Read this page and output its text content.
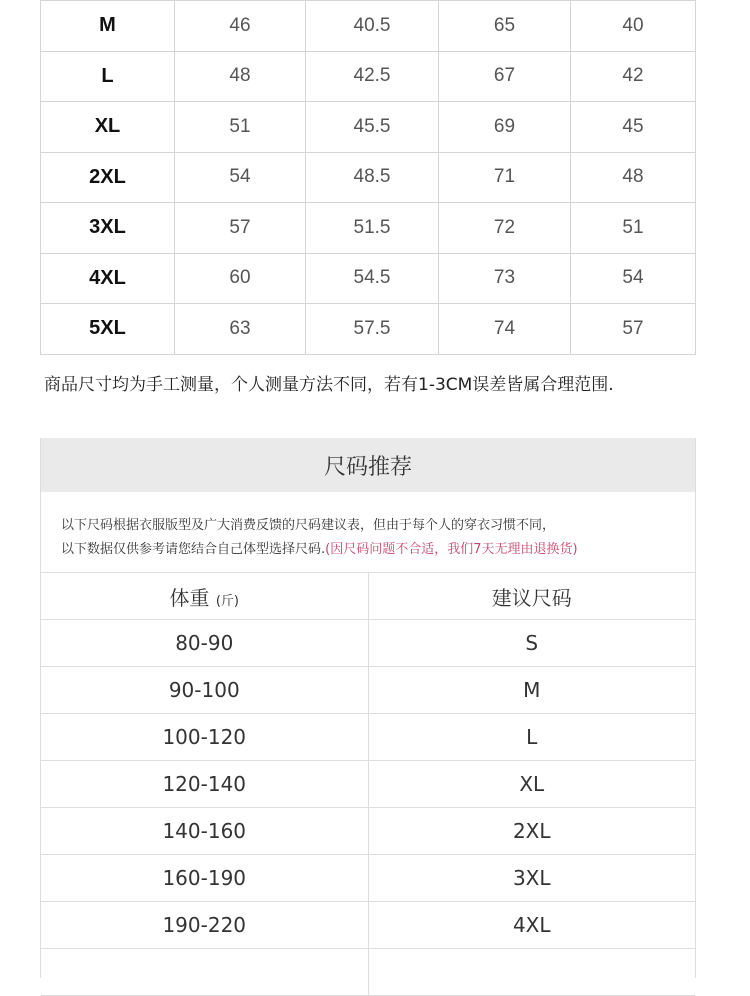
M	46	40.5	65	40
L	48	42.5	67	42
XL	51	45.5	69	45
2XL	54	48.5	71	48
3XL	57	51.5	72	51
4XL	60	54.5	73	54
5XL	63	57.5	74	57
商品尺寸均为手工测量，个人测量方法不同，若有1-3CM误差皆属合理范围.
尺码推荐
以下尺码根据衣服版型及广大消费反馈的尺码建议表，但由于每个人的穿衣习惯不同，
以下数据仅供参考请您结合自己体型选择尺码.(因尺码问题不合适，我们7天无理由退换货)
体重 (斤)	建议尺码
80-90	S
90-100	M
100-120	L
120-140	XL
140-160	2XL
160-190	3XL
190-220	4XL
